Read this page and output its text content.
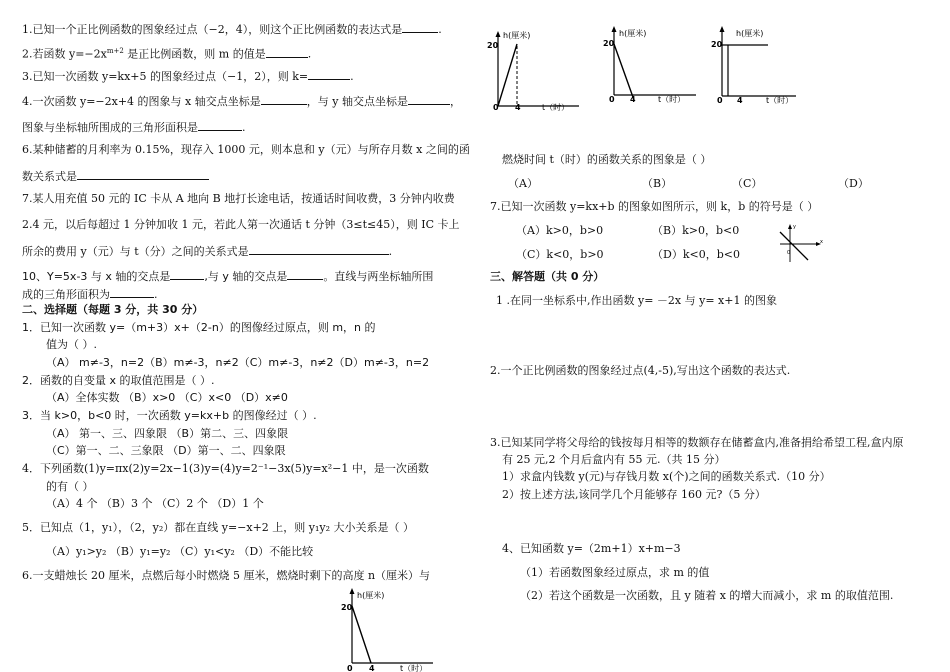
1.已知一个正比例函数的图象经过点（−2，4），则这个正比例函数的表达式是	.
2.若函数 $y=-2x^{m+2}$ 是正比例函数，则 m 的值是	.
3.已知一次函数 y=kx+5 的图象经过点（−1，2），则 k=	.
4.一次函数 y=−2x+4 的图象与 x 轴交点坐标是	，与 y 轴交点坐标是	，
图象与坐标轴所围成的三角形面积是	.
6.某种储蓄的月利率为 0.15%，现存入 1000 元，则本息和 y（元）与所存月数 x 之间的函
数关系式是
7.某人用充值 50 元的 IC 卡从 A 地向 B 地打长途电话，按通话时间收费，3 分钟内收费
2.4 元，以后每超过 1 分钟加收 1 元，若此人第一次通话 t 分钟（3≤t≤45），则 IC 卡上
所余的费用 y（元）与 t（分）之间的关系式是	.
10、Y=5x-3 与 x 轴的交点是	,与 y 轴的交点是	。直线与两坐标轴所围
成的三角形面积为	.
二、选择题（每题 3 分，共 30 分）
1．已知一次函数 y=（m+3）x+（2-n）的图像经过原点，则 m，n 的
值为（ ）.
（A） m≠-3，n=2（B）m≠-3，n≠2（C）m≠-3，n≠2（D）m≠-3，n=2
2．函数的自变量 x 的取值范围是（ ）.
（A）全体实数 （B）x>0 （C）x<0 （D）x≠0
3．当 k>0，b<0 时，一次函数 y=kx+b 的图像经过（ ）.
（A） 第一、三、四象限 （B）第二、三、四象限
（C）第一、二、三象限 （D）第一、二、四象限
4．下列函数(1)y=πx(2)y=2x−1(3)y=(4)y=2⁻¹−3x(5)y=x²−1 中，是一次函数
的有（ ）
（A）4 个 （B）3 个 （C）2 个 （D）1 个
5．已知点（1，y₁），（2，y₂）都在直线 y=−x+2 上，则 y₁y₂ 大小关系是（ ）
（A）y₁>y₂ （B）y₁=y₂ （C）y₁<y₂ （D）不能比较
6.一支蜡烛长 20 厘米，点燃后每小时燃烧 5 厘米，燃烧时剩下的高度 n（厘米）与
20
h(厘米)
0 4	t（时）
20
h(厘米)
0 4	t（时）
20
h(厘米)
0 4	t（时）
20
h(厘米)
0 4	t（时）
燃烧时间 t（时）的函数关系的图象是（ ）
（A）	（B）	（C）	（D）
7.已知一次函数 y=kx+b 的图象如图所示，则 k，b 的符号是（ ）
（A）k>0，b>0	（B）k>0，b<0
（C）k<0，b>0	（D）k<0，b<0
y
x
0
三、解答题（共 0 分）
1 .在同一坐标系中,作出函数 y= －2x 与 y= x+1 的图象
2.一个正比例函数的图象经过点(4,-5),写出这个函数的表达式.
3.已知某同学将父母给的钱按每月相等的数额存在储蓄盒内,准备捐给希望工程,盒内原
有 25 元,2 个月后盒内有 55 元.（共 15 分）
1）求盒内钱数 y(元)与存钱月数 x(个)之间的函数关系式.（10 分）
2）按上述方法,该同学几个月能够存 160 元?（5 分）
4、已知函数 y=（2m+1）x+m−3
（1）若函数图象经过原点，求 m 的值
（2）若这个函数是一次函数，且 y 随着 x 的增大而减小，求 m 的取值范围.
